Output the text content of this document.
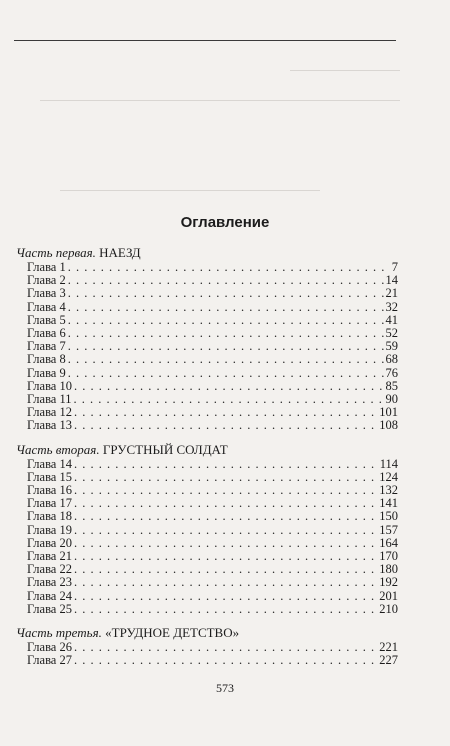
Оглавление

Часть первая. НАЕЗД

Глава 1 . . .	7
Глава 2 . . .	14
Глава 3 . . .	21
Глава 4 . . .	32
Глава 5 . . .	41
Глава 6 . . .	52
Глава 7 . . .	59
Глава 8 . . .	68
Глава 9 . . .	76
Глава 10 . . .	85
Глава 11 . . .	90
Глава 12 . . .	101
Глава 13 . . .	108

Часть вторая. ГРУСТНЫЙ СОЛДАТ

Глава 14 . . .	114
Глава 15 . . .	124
Глава 16 . . .	132
Глава 17 . . .	141
Глава 18 . . .	150
Глава 19 . . .	157
Глава 20 . . .	164
Глава 21 . . .	170
Глава 22 . . .	180
Глава 23 . . .	192
Глава 24 . . .	201
Глава 25 . . .	210

Часть третья. «ТРУДНОЕ ДЕТСТВО»

Глава 26 . . .	221
Глава 27 . . .	227
573
